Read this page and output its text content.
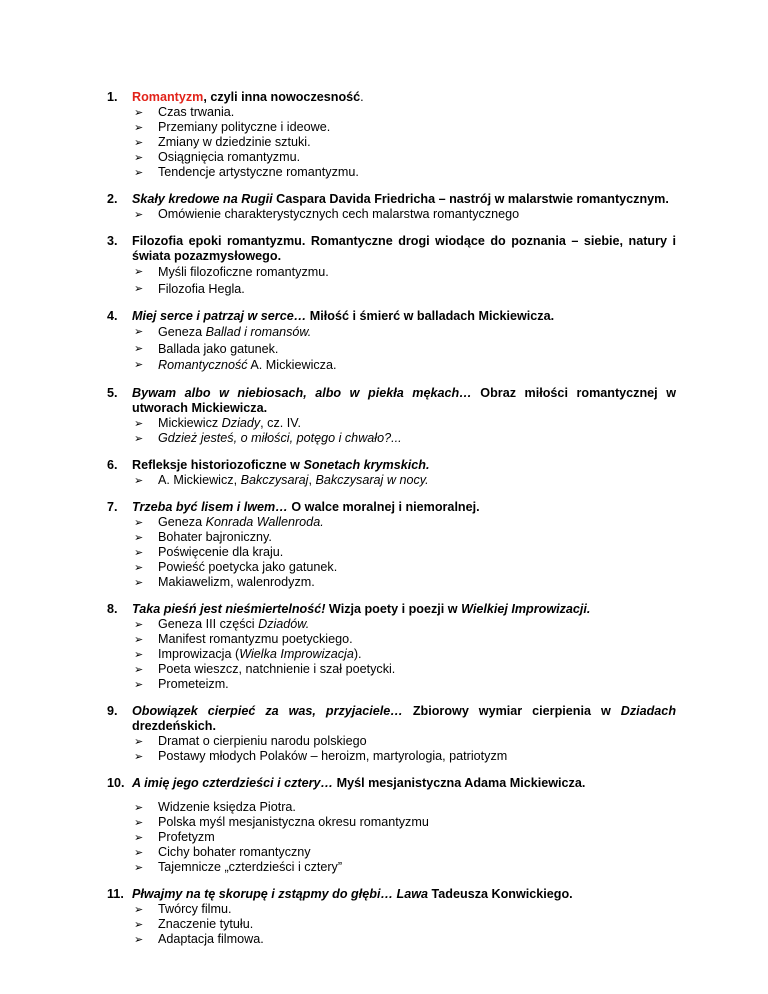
1.	Romantyzm, czyli inna nowoczesność.
➢ Czas trwania.
➢ Przemiany polityczne i ideowe.
➢ Zmiany w dziedzinie sztuki.
➢ Osiągnięcia romantyzmu.
➢ Tendencje artystyczne romantyzmu.
2.	Skały kredowe na Rugii Caspara Davida Friedricha – nastrój w malarstwie romantycznym.
➢ Omówienie charakterystycznych cech malarstwa romantycznego
3.	Filozofia epoki romantyzmu. Romantyczne drogi wiodące do poznania – siebie, natury i świata pozazmysłowego.
➢ Myśli filozoficzne romantyzmu.
➢ Filozofia Hegla.
4.	Miej serce i patrzaj w serce… Miłość i śmierć w balladach Mickiewicza.
➢ Geneza Ballad i romansów.
➢ Ballada jako gatunek.
➢ Romantyczność A. Mickiewicza.
5.	Bywam albo w niebiosach, albo w piekła mękach… Obraz miłości romantycznej w utworach Mickiewicza.
➢ Mickiewicz Dziady, cz. IV.
➢ Gdzież jesteś, o miłości, potęgo i chwało?...
6.	Refleksje historiozoficzne w Sonetach krymskich.
➢ A. Mickiewicz, Bakczysaraj, Bakczysaraj w nocy.
7.	Trzeba być lisem i lwem… O walce moralnej i niemoralnej.
➢ Geneza Konrada Wallenroda.
➢ Bohater bajroniczny.
➢ Poświęcenie dla kraju.
➢ Powieść poetycka jako gatunek.
➢ Makiawelizm, walenrodyzm.
8.	Taka pieśń jest nieśmiertelność! Wizja poety i poezji w Wielkiej Improwizacji.
➢ Geneza III części Dziadów.
➢ Manifest romantyzmu poetyckiego.
➢ Improwizacja (Wielka Improwizacja).
➢ Poeta wieszcz, natchnienie i szał poetycki.
➢ Prometeizm.
9.	Obowiązek cierpieć za was, przyjaciele… Zbiorowy wymiar cierpienia w Dziadach drezdeńskich.
➢ Dramat o cierpieniu narodu polskiego
➢ Postawy młodych Polaków – heroizm, martyrologia, patriotyzm
10. A imię jego czterdzieści i cztery… Myśl mesjanistyczna Adama Mickiewicza.
➢ Widzenie księdza Piotra.
➢ Polska myśl mesjanistyczna okresu romantyzmu
➢ Profetyzm
➢ Cichy bohater romantyczny
➢ Tajemnicze „czterdzieści i cztery”
11. Płwajmy na tę skorupę i zstąpmy do głębi… Lawa Tadeusza Konwickiego.
➢ Twórcy filmu.
➢ Znaczenie tytułu.
➢ Adaptacja filmowa.
